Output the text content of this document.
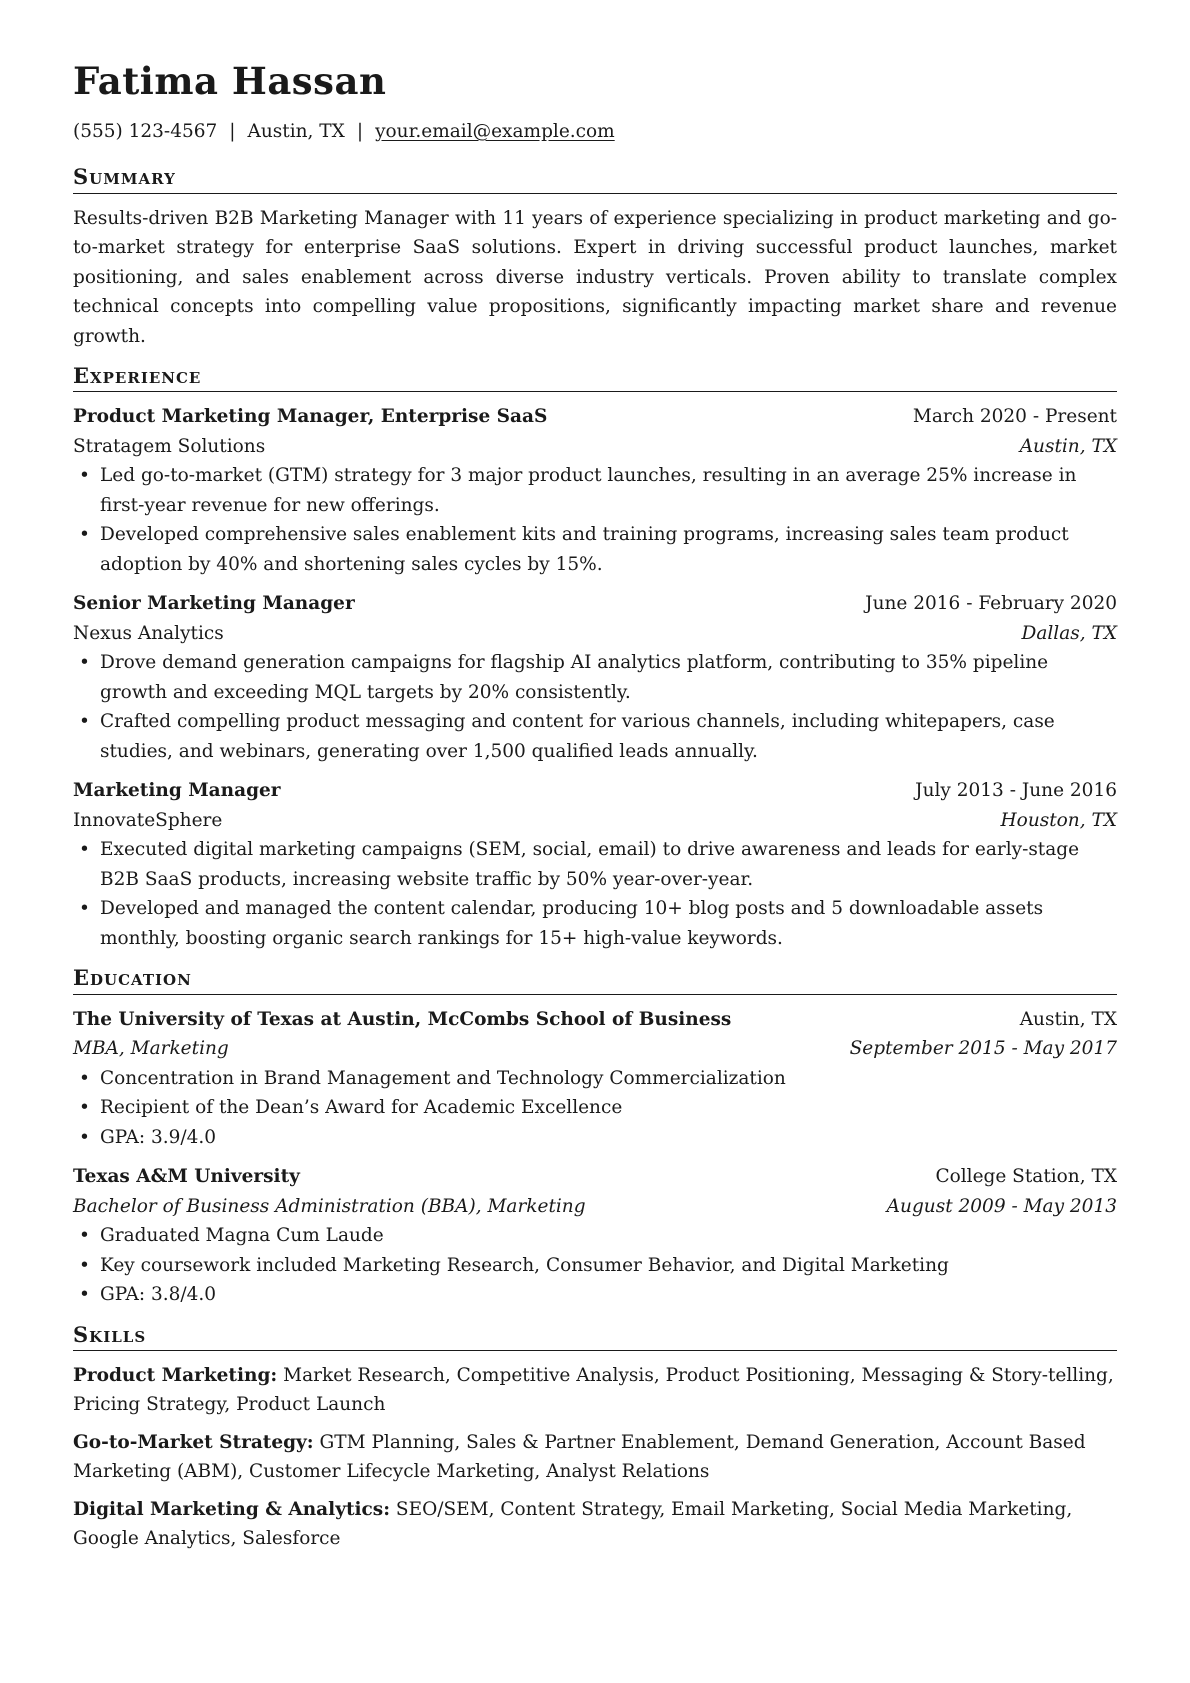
Fatima Hassan
(555) 123-4567 | Austin, TX | your.email@example.com
Summary
Results-driven B2B Marketing Manager with 11 years of experience specializing in product marketing and go-to-market strategy for enterprise SaaS solutions. Expert in driving successful product launches, market positioning, and sales enablement across diverse industry verticals. Proven ability to translate complex technical concepts into compelling value propositions, significantly impacting market share and revenue growth.
Experience
Product Marketing Manager, Enterprise SaaS	March 2020 - Present
Stratagem Solutions	Austin, TX
• Led go-to-market (GTM) strategy for 3 major product launches, resulting in an average 25% increase in first-year revenue for new offerings.
• Developed comprehensive sales enablement kits and training programs, increasing sales team product adoption by 40% and shortening sales cycles by 15%.
Senior Marketing Manager	June 2016 - February 2020
Nexus Analytics	Dallas, TX
• Drove demand generation campaigns for flagship AI analytics platform, contributing to 35% pipeline growth and exceeding MQL targets by 20% consistently.
• Crafted compelling product messaging and content for various channels, including whitepapers, case studies, and webinars, generating over 1,500 qualified leads annually.
Marketing Manager	July 2013 - June 2016
InnovateSphere	Houston, TX
• Executed digital marketing campaigns (SEM, social, email) to drive awareness and leads for early-stage B2B SaaS products, increasing website traffic by 50% year-over-year.
• Developed and managed the content calendar, producing 10+ blog posts and 5 downloadable assets monthly, boosting organic search rankings for 15+ high-value keywords.
Education
The University of Texas at Austin, McCombs School of Business	Austin, TX
MBA, Marketing	September 2015 - May 2017
• Concentration in Brand Management and Technology Commercialization
• Recipient of the Dean’s Award for Academic Excellence
• GPA: 3.9/4.0
Texas A&M University	College Station, TX
Bachelor of Business Administration (BBA), Marketing	August 2009 - May 2013
• Graduated Magna Cum Laude
• Key coursework included Marketing Research, Consumer Behavior, and Digital Marketing
• GPA: 3.8/4.0
Skills
Product Marketing: Market Research, Competitive Analysis, Product Positioning, Messaging & Story-telling, Pricing Strategy, Product Launch
Go-to-Market Strategy: GTM Planning, Sales & Partner Enablement, Demand Generation, Account Based Marketing (ABM), Customer Lifecycle Marketing, Analyst Relations
Digital Marketing & Analytics: SEO/SEM, Content Strategy, Email Marketing, Social Media Marketing, Google Analytics, Salesforce
